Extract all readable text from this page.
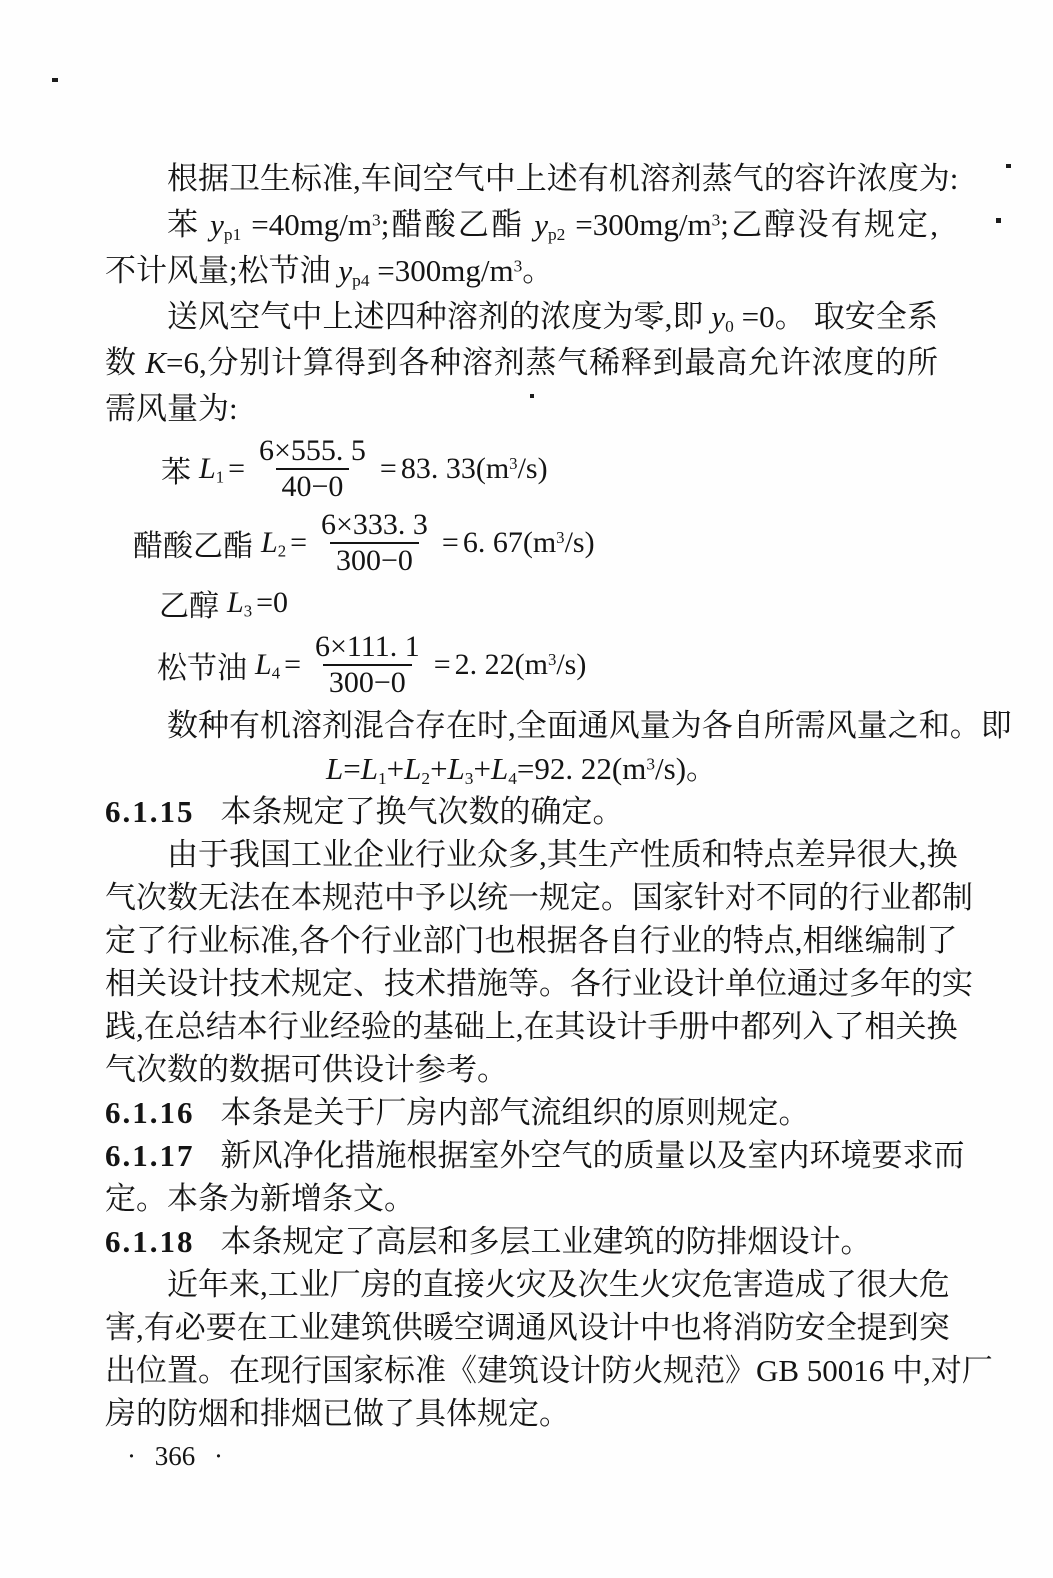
根据卫生标准,车间空气中上述有机溶剂蒸气的容许浓度为:
苯 $y_{p1} =40mg/m^3$;醋酸乙酯 $y_{p2} =300mg/m^3$;乙醇没有规定,
不计风量;松节油 $y_{p4} =300mg/m^3$。
送风空气中上述四种溶剂的浓度为零,即 $y_0 =0$。 取安全系
数 K=6,分别计算得到各种溶剂蒸气稀释到最高允许浓度的所
需风量为:
苯 $L_1 = \frac{6\times 555. 5}{40-0} = 83$. $33(m^3/s)$
醋酸乙酯 $L_2 = \frac{6\times 333. 3}{300-0} = 6$. $67(m^3/s)$
乙醇 $L_3 =0$
松节油 $L_4 = \frac{6\times 111. 1}{300-0} = 2$. $22(m^3/s)$
数种有机溶剂混合存在时,全面通风量为各自所需风量之和。即
$L=L_1+L_2+L_3+L_4=92$. $22(m^3/s)$。
6.1.15 本条规定了换气次数的确定。
由于我国工业企业行业众多,其生产性质和特点差异很大,换
气次数无法在本规范中予以统一规定。国家针对不同的行业都制
定了行业标准,各个行业部门也根据各自行业的特点,相继编制了
相关设计技术规定、技术措施等。各行业设计单位通过多年的实
践,在总结本行业经验的基础上,在其设计手册中都列入了相关换
气次数的数据可供设计参考。
6.1.16 本条是关于厂房内部气流组织的原则规定。
6.1.17 新风净化措施根据室外空气的质量以及室内环境要求而
定。本条为新增条文。
6.1.18 本条规定了高层和多层工业建筑的防排烟设计。
近年来,工业厂房的直接火灾及次生火灾危害造成了很大危
害,有必要在工业建筑供暖空调通风设计中也将消防安全提到突
出位置。在现行国家标准《建筑设计防火规范》GB 50016 中,对厂
房的防烟和排烟已做了具体规定。
· 366 ·
